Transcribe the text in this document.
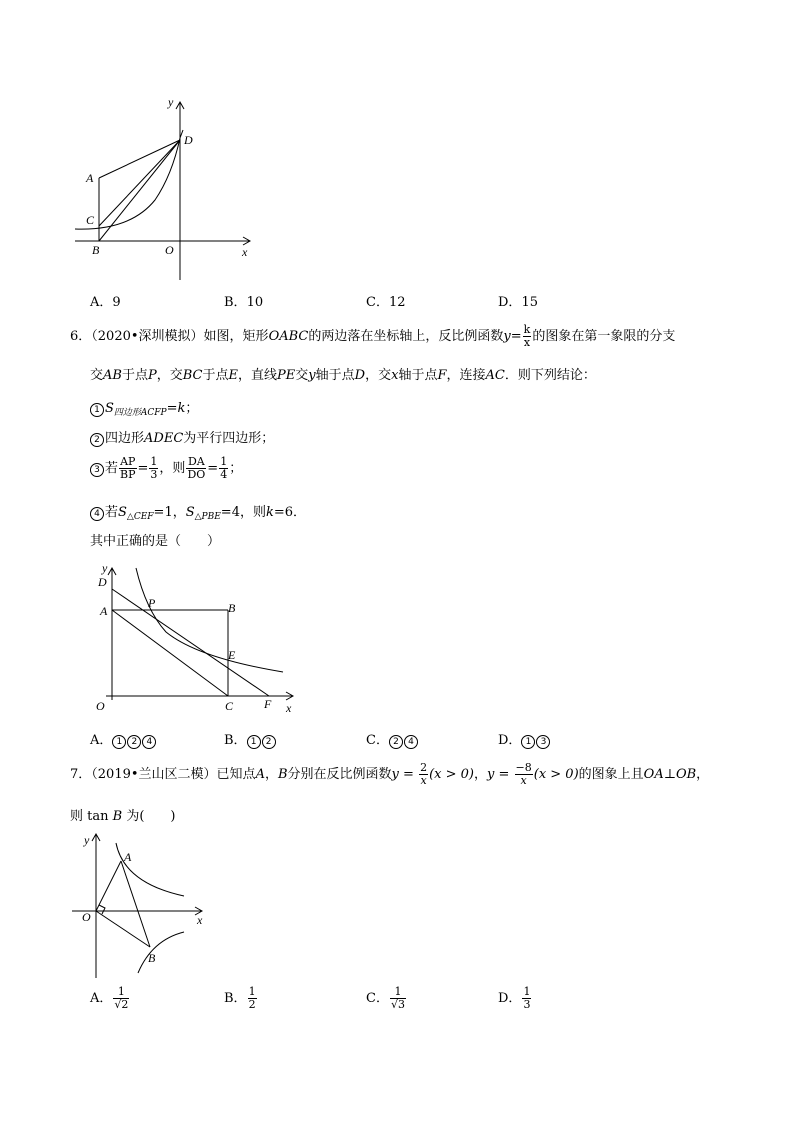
y
x
D
A
C
B	O
A．9	B．10	C．12	D．15
6．（2020•深圳模拟）如图，矩形OABC的两边落在坐标轴上，反比例函数$y= \frac{k}{x}$ 的图象在第一象限的分支
交AB于点P，交BC于点E，直线PE交y轴于点D，交x轴于点F，连接AC．则下列结论：
1 $S_{四边形ACFP}=k$；
2 四边形ADEC为平行四边形；
3 若 $\frac{AP}{BP} = \frac{1}{3}$ ，则 $\frac{DA}{DO} = \frac{1}{4}$ ；
4 若$S_{\triangle CEF}=1$，$S_{\triangle PBE}=4$，则k=6．
其中正确的是（　　）
y
D
A
P	B
E
O	C	F x
A． 1 2 4	B． 1 2	C． 2 4	D． 1 3
7．（2019•兰山区二模）已知点A，B分别在反比例函数$y = \frac{2}{x} (x > 0)$，$y = \frac{-8}{x} (x > 0)$的图象上且OA⊥OB，
则 tan B 为(　　)
y
A
O	x
B
A． $\frac{1}{√2}$	B． $\frac{1}{2}$	C． $\frac{1}{√3}$	D． $\frac{1}{3}$
